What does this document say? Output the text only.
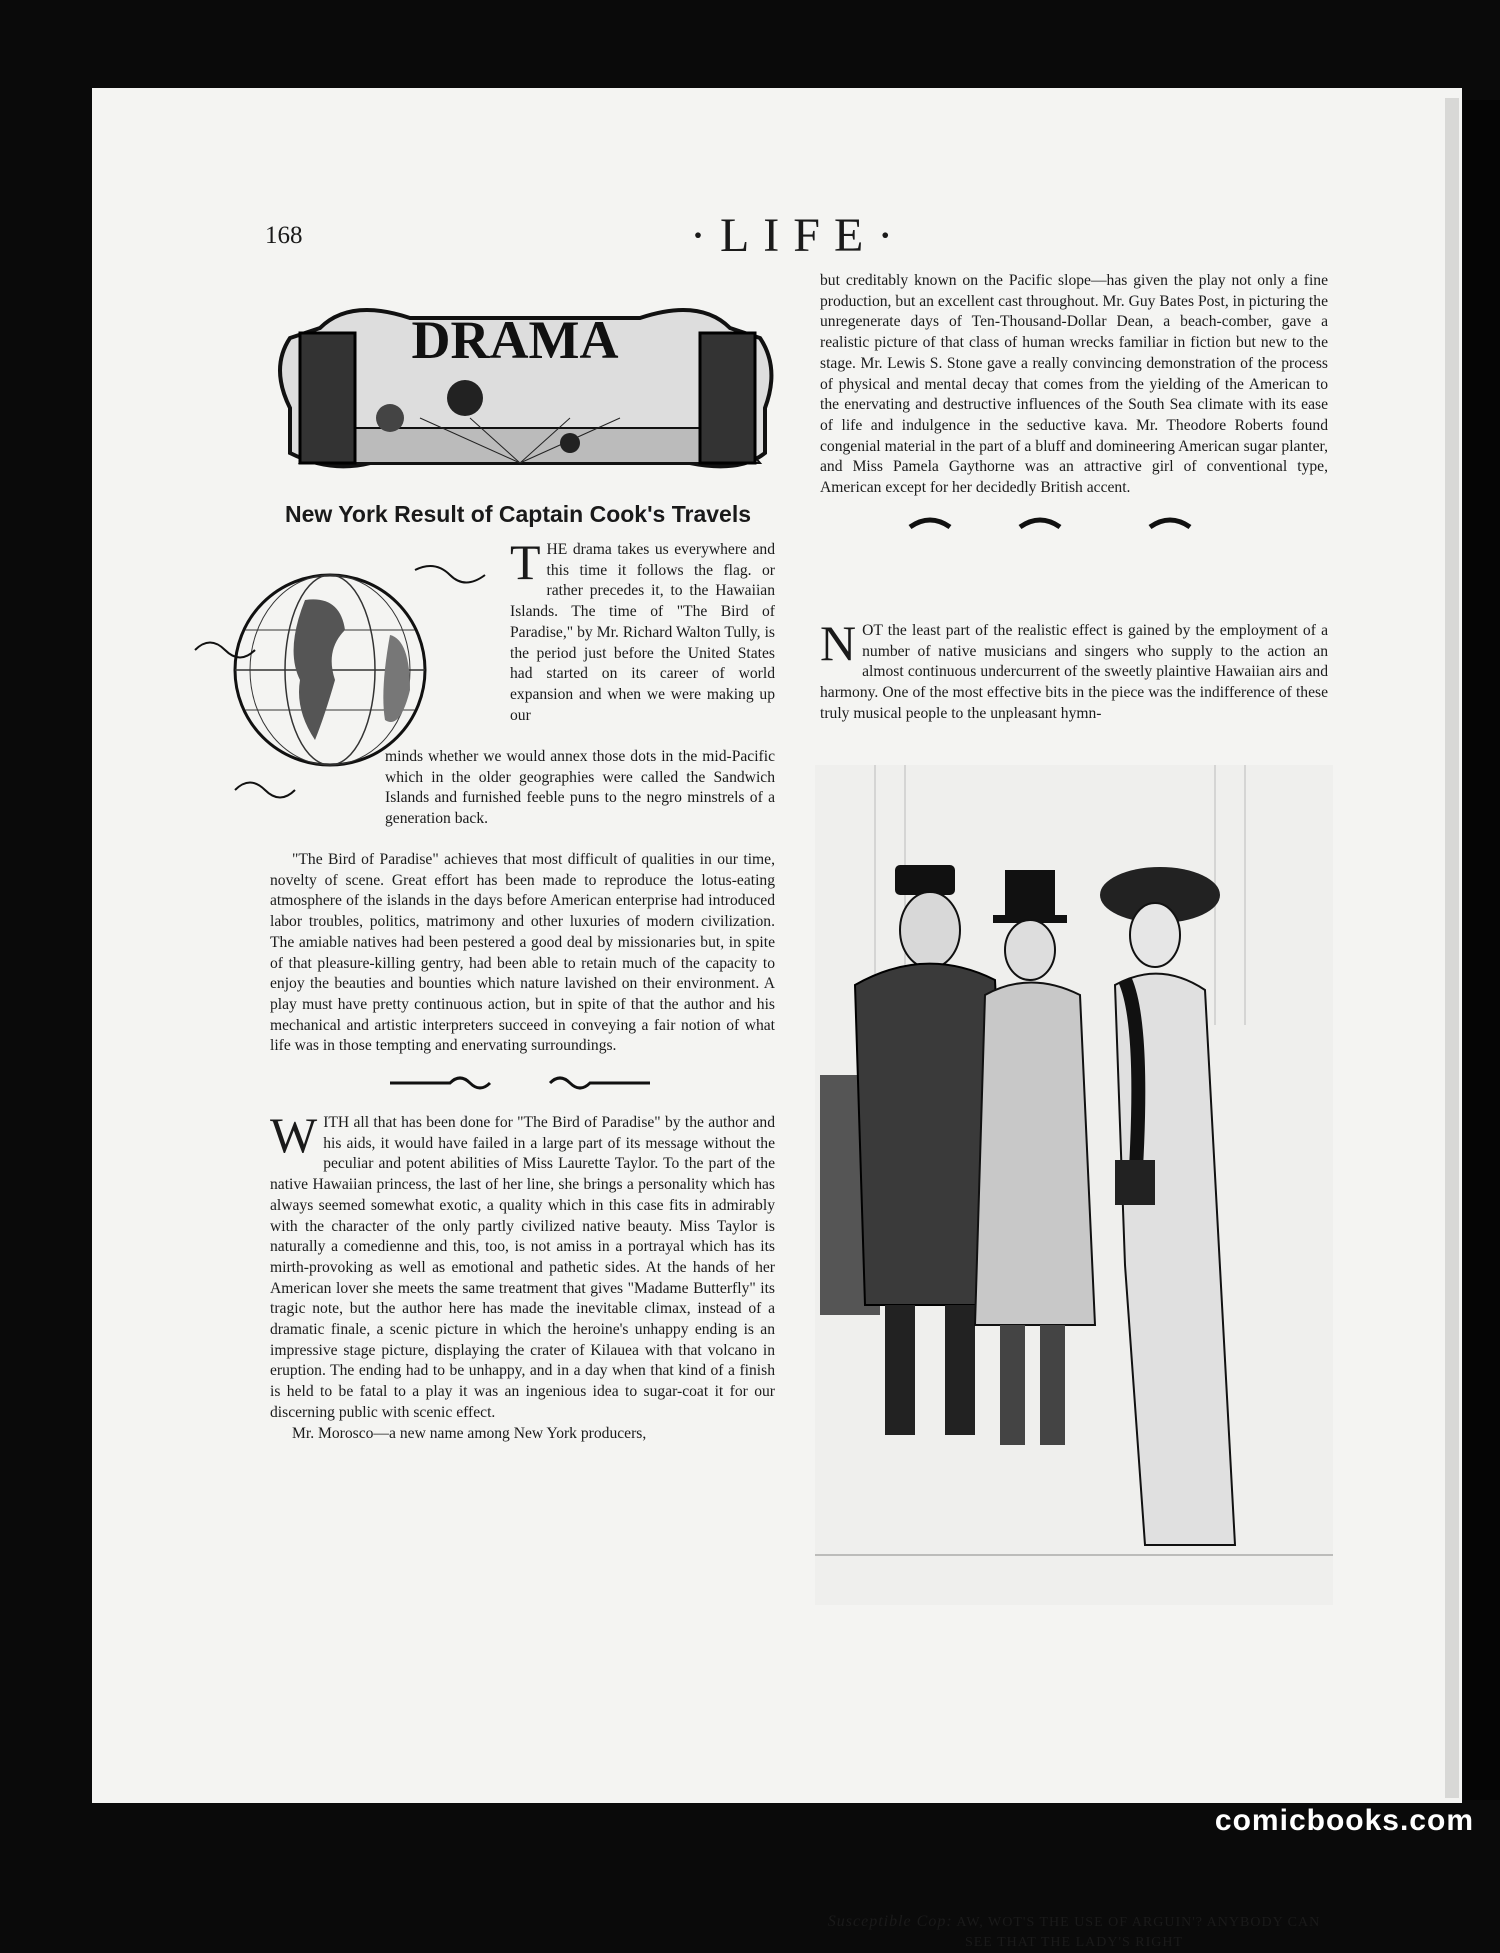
168	·LIFE·
DRAMA
New York Result of Captain Cook's Travels
THE drama takes us everywhere and this time it follows the flag. or rather precedes it, to the Hawaiian Islands. The time of "The Bird of Paradise," by Mr. Richard Walton Tully, is the period just before the United States had started on its career of world expansion and when we were making up our
minds whether we would annex those dots in the mid-Pacific which in the older geographies were called the Sandwich Islands and furnished feeble puns to the negro minstrels of a generation back.

"The Bird of Paradise" achieves that most difficult of qualities in our time, novelty of scene. Great effort has been made to reproduce the lotus-eating atmosphere of the islands in the days before American enterprise had introduced labor troubles, politics, matrimony and other luxuries of modern civilization. The amiable natives had been pestered a good deal by missionaries but, in spite of that pleasure-killing gentry, had been able to retain much of the capacity to enjoy the beauties and bounties which nature lavished on their environment. A play must have pretty continuous action, but in spite of that the author and his mechanical and artistic interpreters succeed in conveying a fair notion of what life was in those tempting and enervating surroundings.

WITH all that has been done for "The Bird of Paradise" by the author and his aids, it would have failed in a large part of its message without the peculiar and potent abilities of Miss Laurette Taylor. To the part of the native Hawaiian princess, the last of her line, she brings a personality which has always seemed somewhat exotic, a quality which in this case fits in admirably with the character of the only partly civilized native beauty. Miss Taylor is naturally a comedienne and this, too, is not amiss in a portrayal which has its mirth-provoking as well as emotional and pathetic sides. At the hands of her American lover she meets the same treatment that gives "Madame Butterfly" its tragic note, but the author here has made the inevitable climax, instead of a dramatic finale, a scenic picture in which the heroine's unhappy ending is an impressive stage picture, displaying the crater of Kilauea with that volcano in eruption. The ending had to be unhappy, and in a day when that kind of a finish is held to be fatal to a play it was an ingenious idea to sugar-coat it for our discerning public with scenic effect.

Mr. Morosco—a new name among New York producers,

but creditably known on the Pacific slope—has given the play not only a fine production, but an excellent cast throughout. Mr. Guy Bates Post, in picturing the unregenerate days of Ten-Thousand-Dollar Dean, a beach-comber, gave a realistic picture of that class of human wrecks familiar in fiction but new to the stage. Mr. Lewis S. Stone gave a really convincing demonstration of the process of physical and mental decay that comes from the yielding of the American to the enervating and destructive influences of the South Sea climate with its ease of life and indulgence in the seductive kava. Mr. Theodore Roberts found congenial material in the part of a bluff and domineering American sugar planter, and Miss Pamela Gaythorne was an attractive girl of conventional type, American except for her decidedly British accent.

NOT the least part of the realistic effect is gained by the employment of a number of native musicians and singers who supply to the action an almost continuous undercurrent of the sweetly plaintive Hawaiian airs and harmony. One of the most effective bits in the piece was the indifference of these truly musical people to the unpleasant hymn-

Susceptible Cop: AW, WOT'S THE USE OF ARGUIN'? ANYBODY CAN SEE THAT THE LADY'S RIGHT
comicbooks.com
